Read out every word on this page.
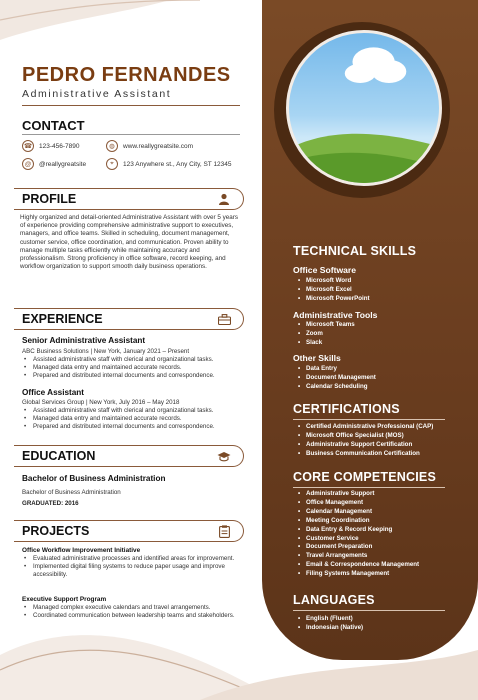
PEDRO FERNANDES
Administrative Assistant
CONTACT
☎	123-456-7890	◍	www.reallygreatsite.com
@	@reallygreatsite	⌖	123 Anywhere st., Any City, ST 12345
PROFILE
Highly organized and detail-oriented Administrative Assistant with over 5 years of experience providing comprehensive administrative support to executives, managers, and office teams. Skilled in scheduling, document management, customer service, office coordination, and communication. Proven ability to manage multiple tasks efficiently while maintaining accuracy and professionalism. Strong proficiency in office software, record keeping, and workflow organization to support smooth daily business operations.
EXPERIENCE
Senior Administrative Assistant
ABC Business Solutions | New York, January 2021 – Present
• Assisted administrative staff with clerical and organizational tasks.
• Managed data entry and maintained accurate records.
• Prepared and distributed internal documents and correspondence.
Office Assistant
Global Services Group | New York, July 2016 – May 2018
• Assisted administrative staff with clerical and organizational tasks.
• Managed data entry and maintained accurate records.
• Prepared and distributed internal documents and correspondence.
EDUCATION
Bachelor of Business Administration
Bachelor of Business Administration
GRADUATED: 2016
PROJECTS
Office Workflow Improvement Initiative
• Evaluated administrative processes and identified areas for improvement.
• Implemented digital filing systems to reduce paper usage and improve accessibility.
Executive Support Program
• Managed complex executive calendars and travel arrangements.
• Coordinated communication between leadership teams and stakeholders.
TECHNICAL SKILLS
Office Software
• Microsoft Word
• Microsoft Excel
• Microsoft PowerPoint
Administrative Tools
• Microsoft Teams
• Zoom
• Slack
Other Skills
• Data Entry
• Document Management
• Calendar Scheduling
CERTIFICATIONS
• Certified Administrative Professional (CAP)
• Microsoft Office Specialist (MOS)
• Administrative Support Certification
• Business Communication Certification
CORE COMPETENCIES
• Administrative Support
• Office Management
• Calendar Management
• Meeting Coordination
• Data Entry & Record Keeping
• Customer Service
• Document Preparation
• Travel Arrangements
• Email & Correspondence Management
• Filing Systems Management
LANGUAGES
• English (Fluent)
• Indonesian (Native)
